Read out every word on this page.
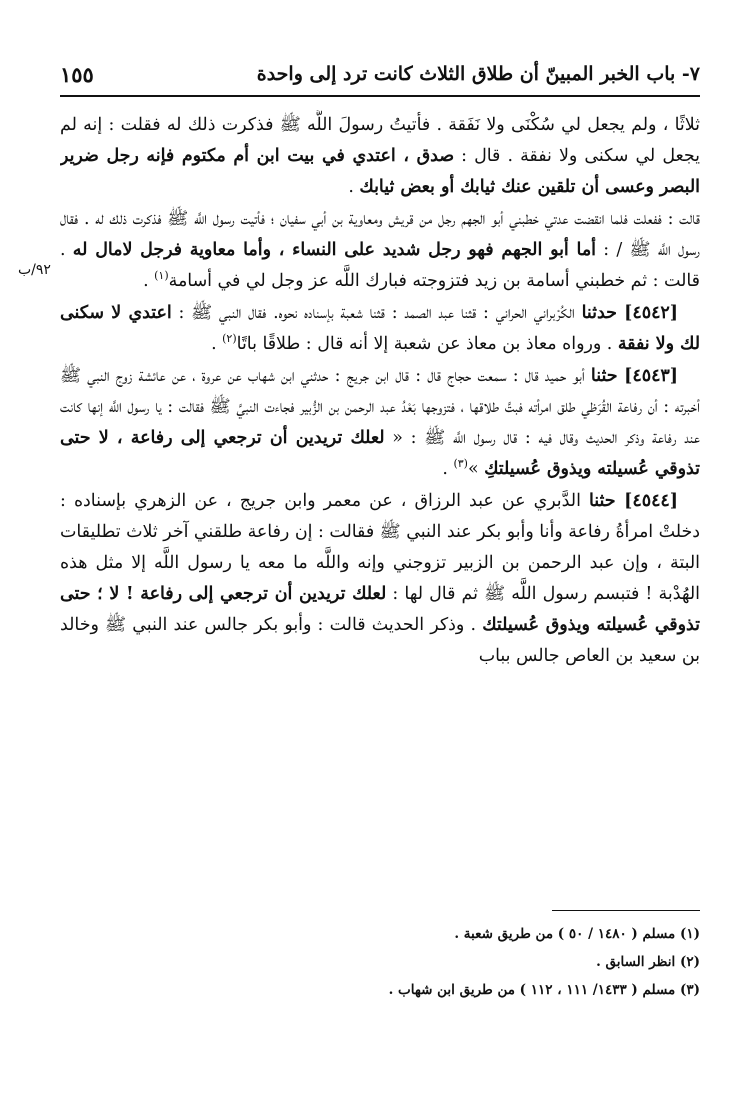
٧- باب الخبر المبينّ أن طلاق الثلاث كانت ترد إلى واحدة
١٥٥
٩٢/ب

ثلاثًا ، ولم يجعل لي سُكْنَى ولا نَفَقة . فأتيتُ رسولَ اللَّه ﷺ فذكرت ذلك له فقلت : إنه لم يجعل لي سكنى ولا نفقة . قال : صدق ، اعتدي في بيت ابن أم مكتوم فإنه رجل ضرير البصر وعسى أن تلقين عنك ثيابك أو بعض ثيابك .

قالت : ففعلت فلما انقضت عدتي خطبني أبو الجهم رجل من قريش ومعاوية بن أبي سفيان ؛ فأتيت رسول اللَّه ﷺ فذكرت ذلك له . فقال رسول اللَّه ﷺ / : أما أبو الجهم فهو رجل شديد على النساء ، وأما معاوية فرجل لامال له . قالت : ثم خطبني أسامة بن زيد فتزوجته فبارك اللَّه عز وجل لي في أسامة$^{(١)}$ .

[٤٥٤٢] حدثنا الكُرْبراني الحراني : قثنا عبد الصمد : قثنا شعبة بإسناده نحوه. فقال النبي ﷺ : اعتدي لا سكنى لك ولا نفقة . ورواه معاذ بن معاذ عن شعبة إلا أنه قال : طلاقًا باتًا$^{(٢)}$ .

[٤٥٤٣] حثنا أبو حميد قال : سمعت حجاج قال : قال ابن جريج : حدثني ابن شهاب عن عروة ، عن عائشة زوج النبي ﷺ أخبرته : أن رفاعة القُرَظي طلق امرأته فبتَّ طلاقها ، فتزوجها بَعْدُ عبد الرحمن بن الزُّبير فجاءت النبيَّ ﷺ فقالت : يا رسول اللَّه إنها كانت عند رفاعة وذكر الحديث وقال فيه : قال رسول اللَّه ﷺ : « لعلك تريدين أن ترجعي إلى رفاعة ، لا حتى تذوقي عُسيلته ويذوق عُسيلتكِ »$^{(٣)}$ .

[٤٥٤٤] حثنا الدَّبري عن عبد الرزاق ، عن معمر وابن جريج ، عن الزهري بإسناده : دخلتْ امرأةُ رفاعة وأنا وأبو بكر عند النبي ﷺ فقالت : إن رفاعة طلقني آخر ثلاث تطليقات البتة ، وإن عبد الرحمن بن الزبير تزوجني وإنه واللَّه ما معه يا رسول اللَّه إلا مثل هذه الهُدْبة ! فتبسم رسول اللَّه ﷺ ثم قال لها : لعلك تريدين أن ترجعي إلى رفاعة ! لا ؛ حتى تذوقي عُسيلته ويذوق عُسيلتك . وذكر الحديث قالت : وأبو بكر جالس عند النبي ﷺ وخالد بن سعيد بن العاص جالس بباب

(١) مسلم ( ١٤٨٠ / ٥٠ ) من طريق شعبة .

(٢) انظر السابق .

(٣) مسلم ( ١٤٣٣/ ١١١ ، ١١٢ ) من طريق ابن شهاب .
